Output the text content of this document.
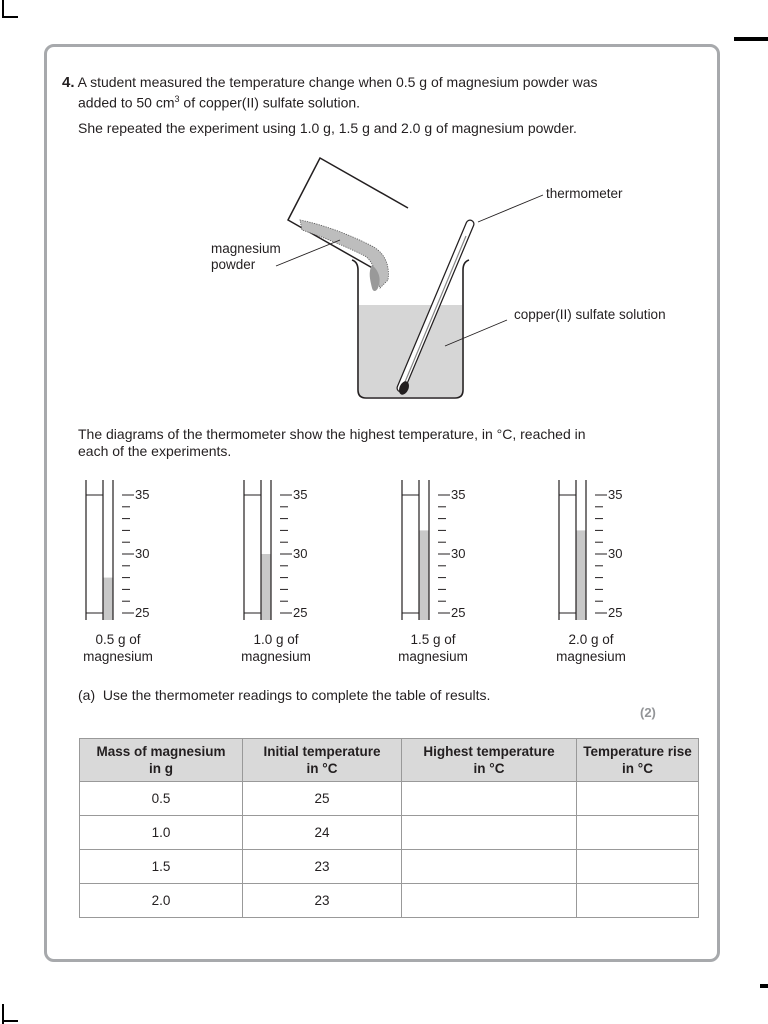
4. A student measured the temperature change when 0.5 g of magnesium powder was
added to 50 $cm^3$ of copper(II) sulfate solution.
She repeated the experiment using 1.0 g, 1.5 g and 2.0 g of magnesium powder.
thermometer
magnesium
powder
copper(II) sulfate solution
The diagrams of the thermometer show the highest temperature, in °C, reached in
each of the experiments.
35
30
25
35
30
25
35
30
25
35
30
25
0.5 g of
magnesium
1.0 g of
magnesium
1.5 g of
magnesium
2.0 g of
magnesium
(a) Use the thermometer readings to complete the table of results.
(2)
Mass of magnesium
in g	Initial temperature
in °C	Highest temperature
in °C	Temperature rise
in °C
0.5	25		
1.0	24		
1.5	23		
2.0	23		
